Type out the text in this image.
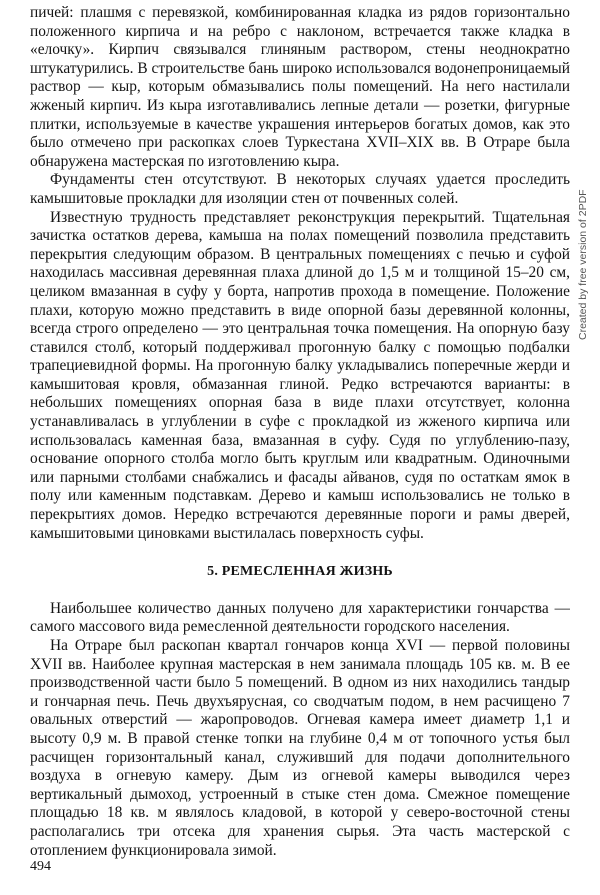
пичей: плашмя с перевязкой, комбинированная кладка из рядов горизонтально положенного кирпича и на ребро с наклоном, встречается также кладка в «елочку». Кирпич связывался глиняным раствором, стены неоднократно штукатурились. В строительстве бань широко использовался водонепроницаемый раствор — кыр, которым обмазывались полы помещений. На него настилали жженый кирпич. Из кыра изготавливались лепные детали — розетки, фигурные плитки, используемые в качестве украшения интерьеров богатых домов, как это было отмечено при раскопках слоев Туркестана XVII–XIX вв. В Отраре была обнаружена мастерская по изготовлению кыра.

Фундаменты стен отсутствуют. В некоторых случаях удается проследить камышитовые прокладки для изоляции стен от почвенных солей.

Известную трудность представляет реконструкция перекрытий. Тщательная зачистка остатков дерева, камыша на полах помещений позволила представить перекрытия следующим образом. В центральных помещениях с печью и суфой находилась массивная деревянная плаха длиной до 1,5 м и толщиной 15–20 см, целиком вмазанная в суфу у борта, напротив прохода в помещение. Положение плахи, которую можно представить в виде опорной базы деревянной колонны, всегда строго определено — это центральная точка помещения. На опорную базу ставился столб, который поддерживал прогонную балку с помощью подбалки трапециевидной формы. На прогонную балку укладывались поперечные жерди и камышитовая кровля, обмазанная глиной. Редко встречаются варианты: в небольших помещениях опорная база в виде плахи отсутствует, колонна устанавливалась в углублении в суфе с прокладкой из жженого кирпича или использовалась каменная база, вмазанная в суфу. Судя по углублению-пазу, основание опорного столба могло быть круглым или квадратным. Одиночными или парными столбами снабжались и фасады айванов, судя по остаткам ямок в полу или каменным подставкам. Дерево и камыш использовались не только в перекрытиях домов. Нередко встречаются деревянные пороги и рамы дверей, камышитовыми циновками выстилалась поверхность суфы.

5. РЕМЕСЛЕННАЯ ЖИЗНЬ

Наибольшее количество данных получено для характеристики гончарства — самого массового вида ремесленной деятельности городского населения.

На Отраре был раскопан квартал гончаров конца XVI — первой половины XVII вв. Наиболее крупная мастерская в нем занимала площадь 105 кв. м. В ее производственной части было 5 помещений. В одном из них находились тандыр и гончарная печь. Печь двухъярусная, со сводчатым подом, в нем расчищено 7 овальных отверстий — жаропроводов. Огневая камера имеет диаметр 1,1 и высоту 0,9 м. В правой стенке топки на глубине 0,4 м от топочного устья был расчищен горизонтальный канал, служивший для подачи дополнительного воздуха в огневую камеру. Дым из огневой камеры выводился через вертикальный дымоход, устроенный в стыке стен дома. Смежное помещение площадью 18 кв. м являлось кладовой, в которой у северо-восточной стены располагались три отсека для хранения сырья. Эта часть мастерской с отоплением функционировала зимой.

494
Created by free version of 2PDF
